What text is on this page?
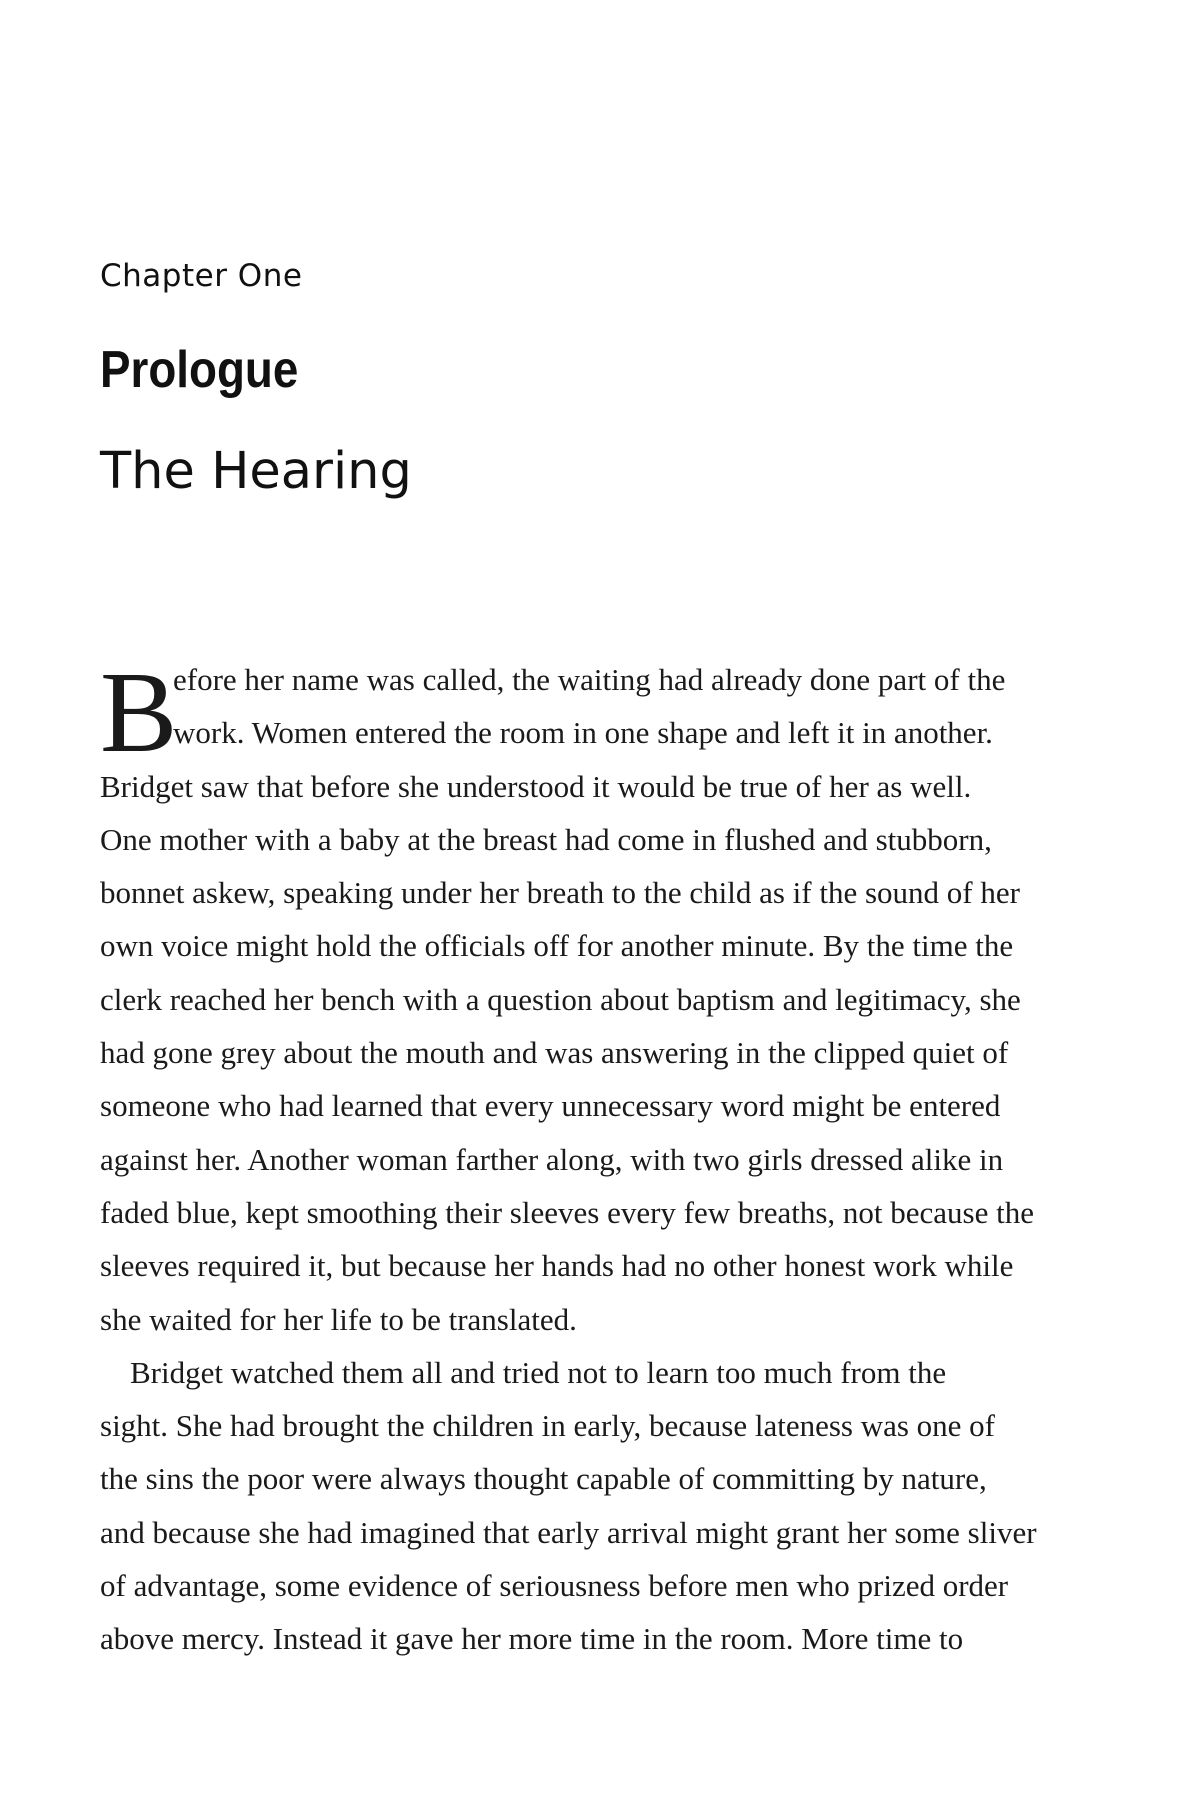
Chapter One
Prologue
The Hearing
B
efore her name was called, the waiting had already done part of the
work. Women entered the room in one shape and left it in another.
Bridget saw that before she understood it would be true of her as well.
One mother with a baby at the breast had come in flushed and stubborn,
bonnet askew, speaking under her breath to the child as if the sound of her
own voice might hold the officials off for another minute. By the time the
clerk reached her bench with a question about baptism and legitimacy, she
had gone grey about the mouth and was answering in the clipped quiet of
someone who had learned that every unnecessary word might be entered
against her. Another woman farther along, with two girls dressed alike in
faded blue, kept smoothing their sleeves every few breaths, not because the
sleeves required it, but because her hands had no other honest work while
she waited for her life to be translated.
Bridget watched them all and tried not to learn too much from the
sight. She had brought the children in early, because lateness was one of
the sins the poor were always thought capable of committing by nature,
and because she had imagined that early arrival might grant her some sliver
of advantage, some evidence of seriousness before men who prized order
above mercy. Instead it gave her more time in the room. More time to
